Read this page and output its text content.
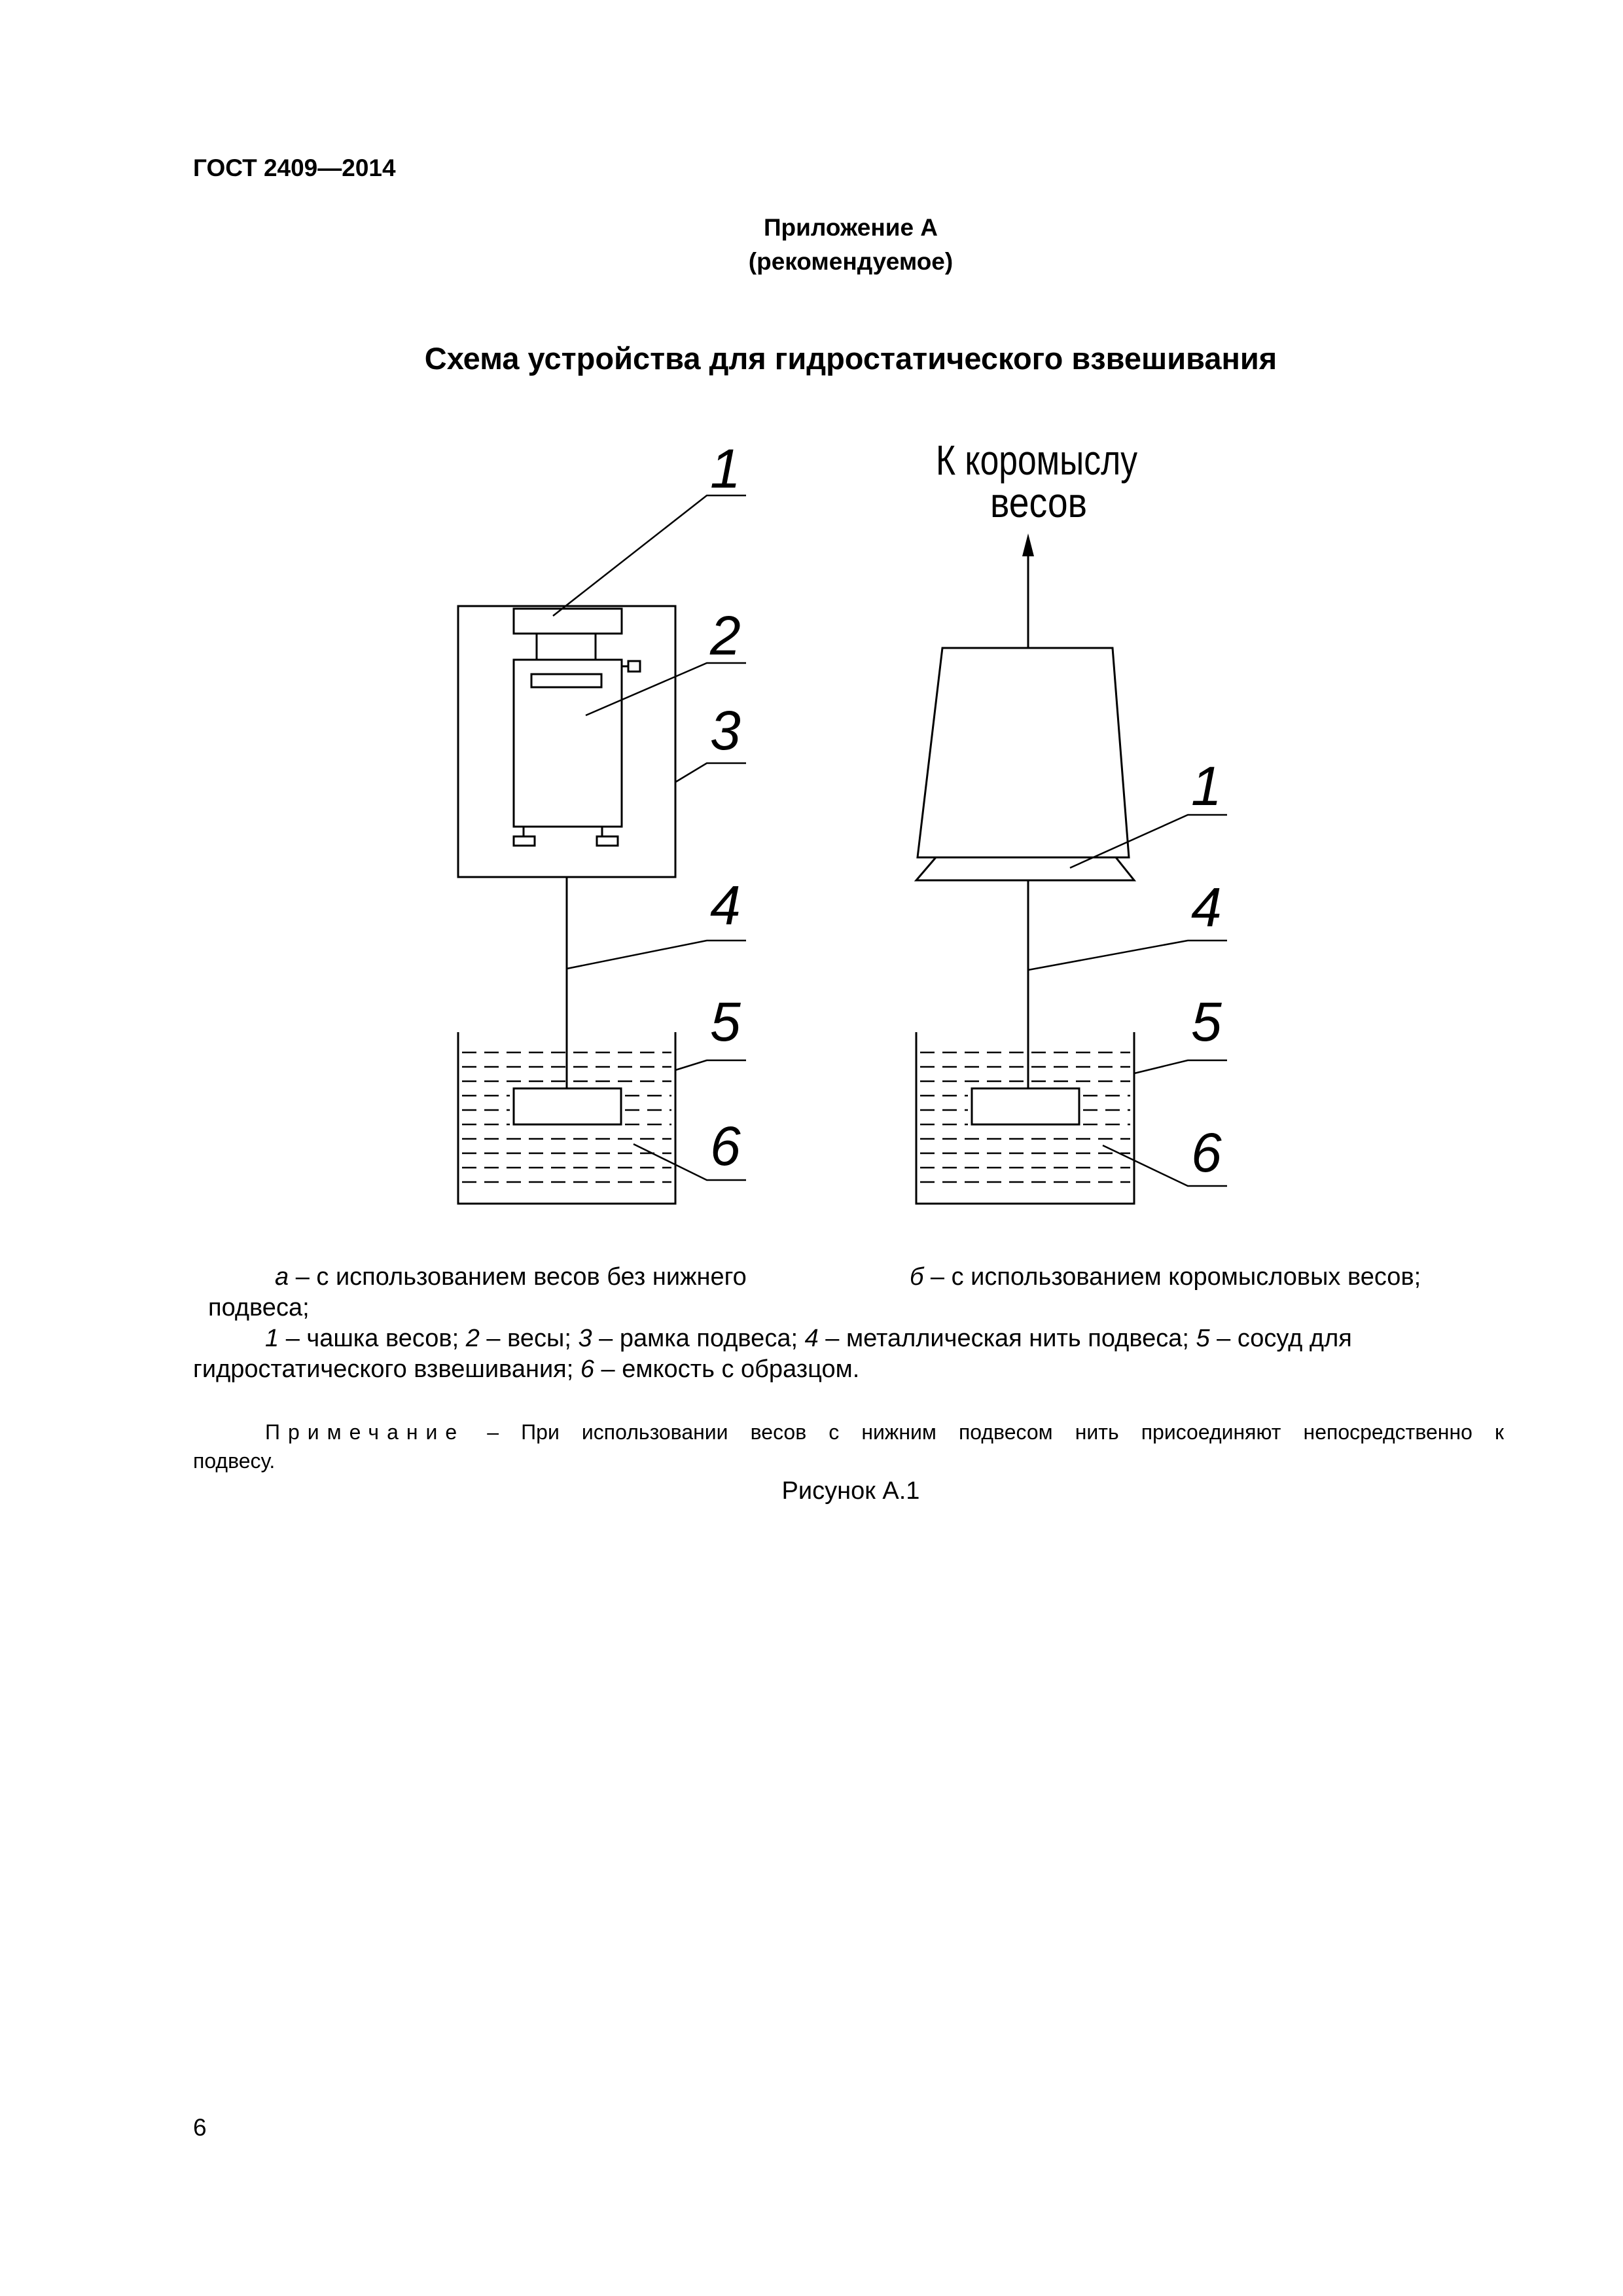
ГОСТ 2409—2014
Приложение А
(рекомендуемое)
Схема устройства для гидростатического взвешивания
1
2
3
4
5
6
1
4
5
6
К коромыслу
весов
а – с использованием весов без нижнего	б – с использованием коромысловых весов;
подвеса;
1 – чашка весов; 2 – весы; 3 – рамка подвеса; 4 – металлическая нить подвеса; 5 – сосуд для
гидростатического взвешивания; 6 – емкость с образцом.
Примечание – При использовании весов с нижним подвесом нить присоединяют непосредственно к
подвесу.
Рисунок А.1
6
